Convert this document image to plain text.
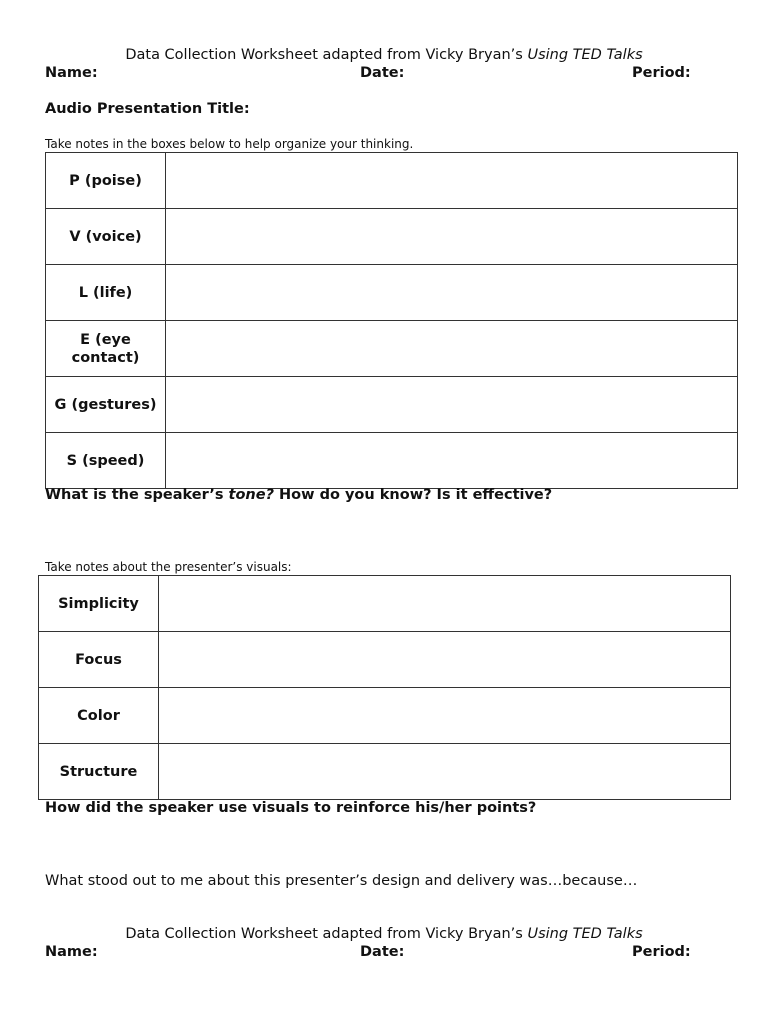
Data Collection Worksheet adapted from Vicky Bryan’s Using TED Talks
Name:	Date:	Period:
Audio Presentation Title:
Take notes in the boxes below to help organize your thinking.
P (poise)	
V (voice)	
L (life)	
E (eye contact)	
G (gestures)	
S (speed)	
What is the speaker’s tone? How do you know? Is it effective?
Take notes about the presenter’s visuals:
Simplicity	
Focus	
Color	
Structure	
How did the speaker use visuals to reinforce his/her points?
What stood out to me about this presenter’s design and delivery was…because…
Data Collection Worksheet adapted from Vicky Bryan’s Using TED Talks
Name:	Date:	Period:
